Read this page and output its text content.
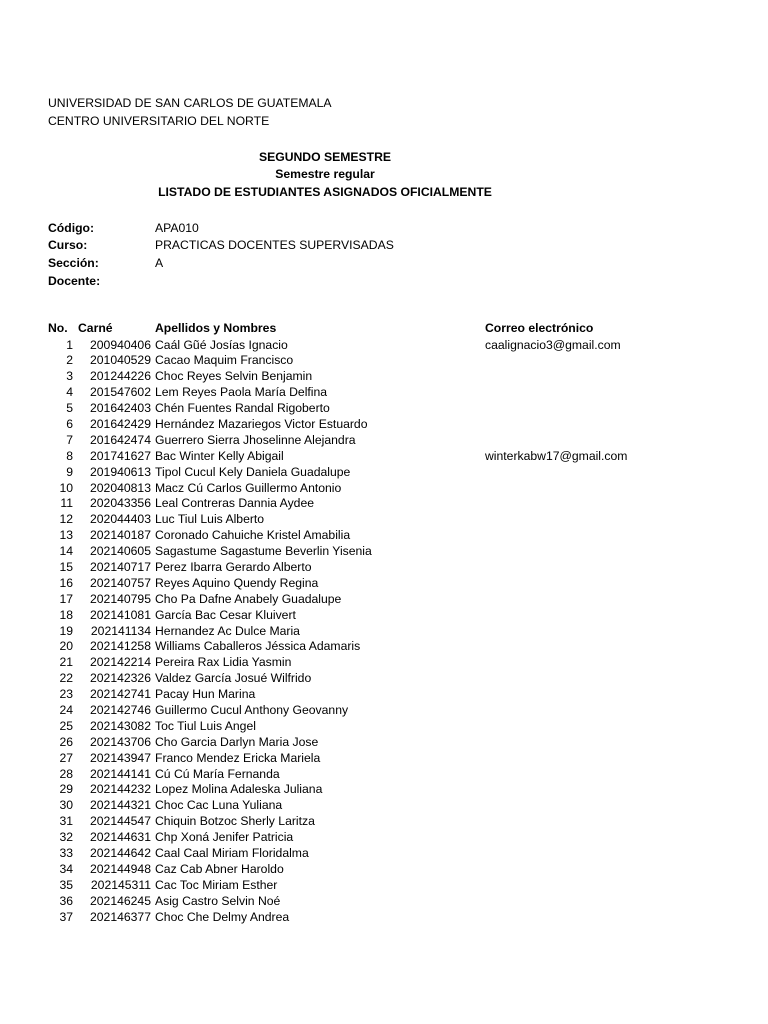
UNIVERSIDAD DE SAN CARLOS DE GUATEMALA
CENTRO UNIVERSITARIO DEL NORTE
SEGUNDO SEMESTRE
Semestre regular
LISTADO DE ESTUDIANTES ASIGNADOS OFICIALMENTE
Código:	APA010
Curso:	PRACTICAS DOCENTES SUPERVISADAS
Sección:	A
Docente:
No. Carné	Apellidos y Nombres	Correo electrónico
1	200940406 Caál Gũé Josías Ignacio	caalignacio3@gmail.com
2	201040529 Cacao Maquim Francisco
3	201244226 Choc Reyes Selvin Benjamin
4	201547602 Lem Reyes Paola María Delfina
5	201642403 Chén Fuentes Randal Rigoberto
6	201642429 Hernández Mazariegos Victor Estuardo
7	201642474 Guerrero Sierra Jhoselinne Alejandra
8	201741627 Bac Winter Kelly Abigail	winterkabw17@gmail.com
9	201940613 Tipol Cucul Kely Daniela Guadalupe
10	202040813 Macz Cú Carlos Guillermo Antonio
11	202043356 Leal Contreras Dannia Aydee
12	202044403 Luc Tiul Luis Alberto
13	202140187 Coronado Cahuiche Kristel Amabilia
14	202140605 Sagastume Sagastume Beverlin Yisenia
15	202140717 Perez Ibarra Gerardo Alberto
16	202140757 Reyes Aquino Quendy Regina
17	202140795 Cho Pa Dafne Anabely Guadalupe
18	202141081 García Bac Cesar Kluivert
19	202141134 Hernandez Ac Dulce Maria
20	202141258 Williams Caballeros Jéssica Adamaris
21	202142214 Pereira Rax Lidia Yasmin
22	202142326 Valdez García Josué Wilfrido
23	202142741 Pacay Hun Marina
24	202142746 Guillermo Cucul Anthony Geovanny
25	202143082 Toc Tiul Luis Angel
26	202143706 Cho Garcia Darlyn Maria Jose
27	202143947 Franco Mendez Ericka Mariela
28	202144141 Cú Cú María Fernanda
29	202144232 Lopez Molina Adaleska Juliana
30	202144321 Choc Cac Luna Yuliana
31	202144547 Chiquin Botzoc Sherly Laritza
32	202144631 Chp Xoná Jenifer Patricia
33	202144642 Caal Caal Miriam Floridalma
34	202144948 Caz Cab Abner Haroldo
35	202145311 Cac Toc Miriam Esther
36	202146245 Asig Castro Selvin Noé
37	202146377 Choc Che Delmy Andrea
